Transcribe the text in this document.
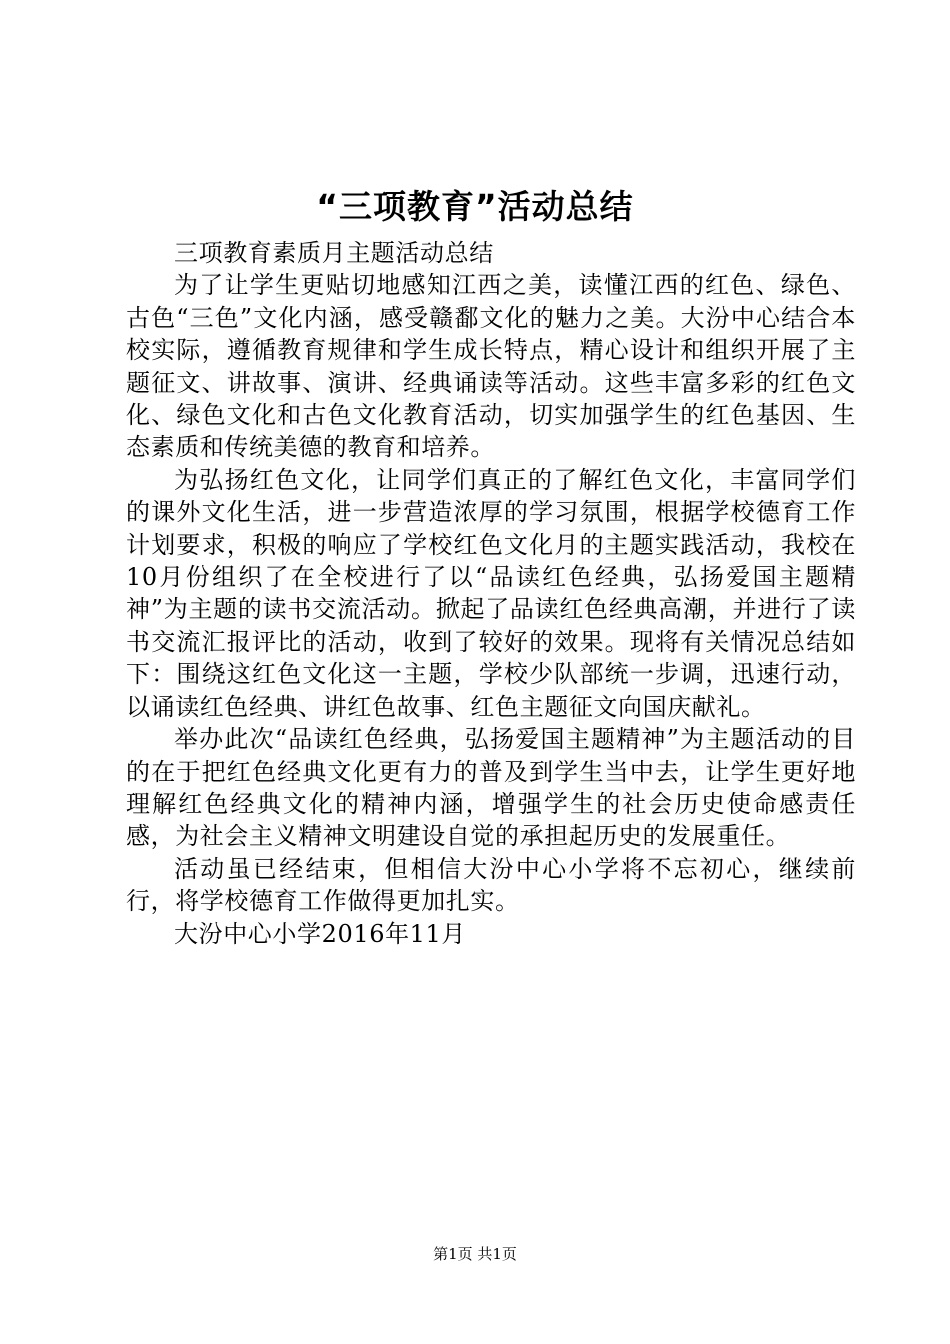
“三项教育”活动总结

三项教育素质月主题活动总结

为了让学生更贴切地感知江西之美，读懂江西的红色、绿色、古色“三色”文化内涵，感受赣鄱文化的魅力之美。大汾中心结合本校实际，遵循教育规律和学生成长特点，精心设计和组织开展了主题征文、讲故事、演讲、经典诵读等活动。这些丰富多彩的红色文化、绿色文化和古色文化教育活动，切实加强学生的红色基因、生态素质和传统美德的教育和培养。

为弘扬红色文化，让同学们真正的了解红色文化，丰富同学们的课外文化生活，进一步营造浓厚的学习氛围，根据学校德育工作计划要求，积极的响应了学校红色文化月的主题实践活动，我校在10月份组织了在全校进行了以“品读红色经典，弘扬爱国主题精神”为主题的读书交流活动。掀起了品读红色经典高潮，并进行了读书交流汇报评比的活动，收到了较好的效果。现将有关情况总结如下：围绕这红色文化这一主题，学校少队部统一步调，迅速行动，以诵读红色经典、讲红色故事、红色主题征文向国庆献礼。

举办此次“品读红色经典，弘扬爱国主题精神”为主题活动的目的在于把红色经典文化更有力的普及到学生当中去，让学生更好地理解红色经典文化的精神内涵，增强学生的社会历史使命感责任感，为社会主义精神文明建设自觉的承担起历史的发展重任。

活动虽已经结束，但相信大汾中心小学将不忘初心，继续前行，将学校德育工作做得更加扎实。

大汾中心小学2016年11月

第1页 共1页
